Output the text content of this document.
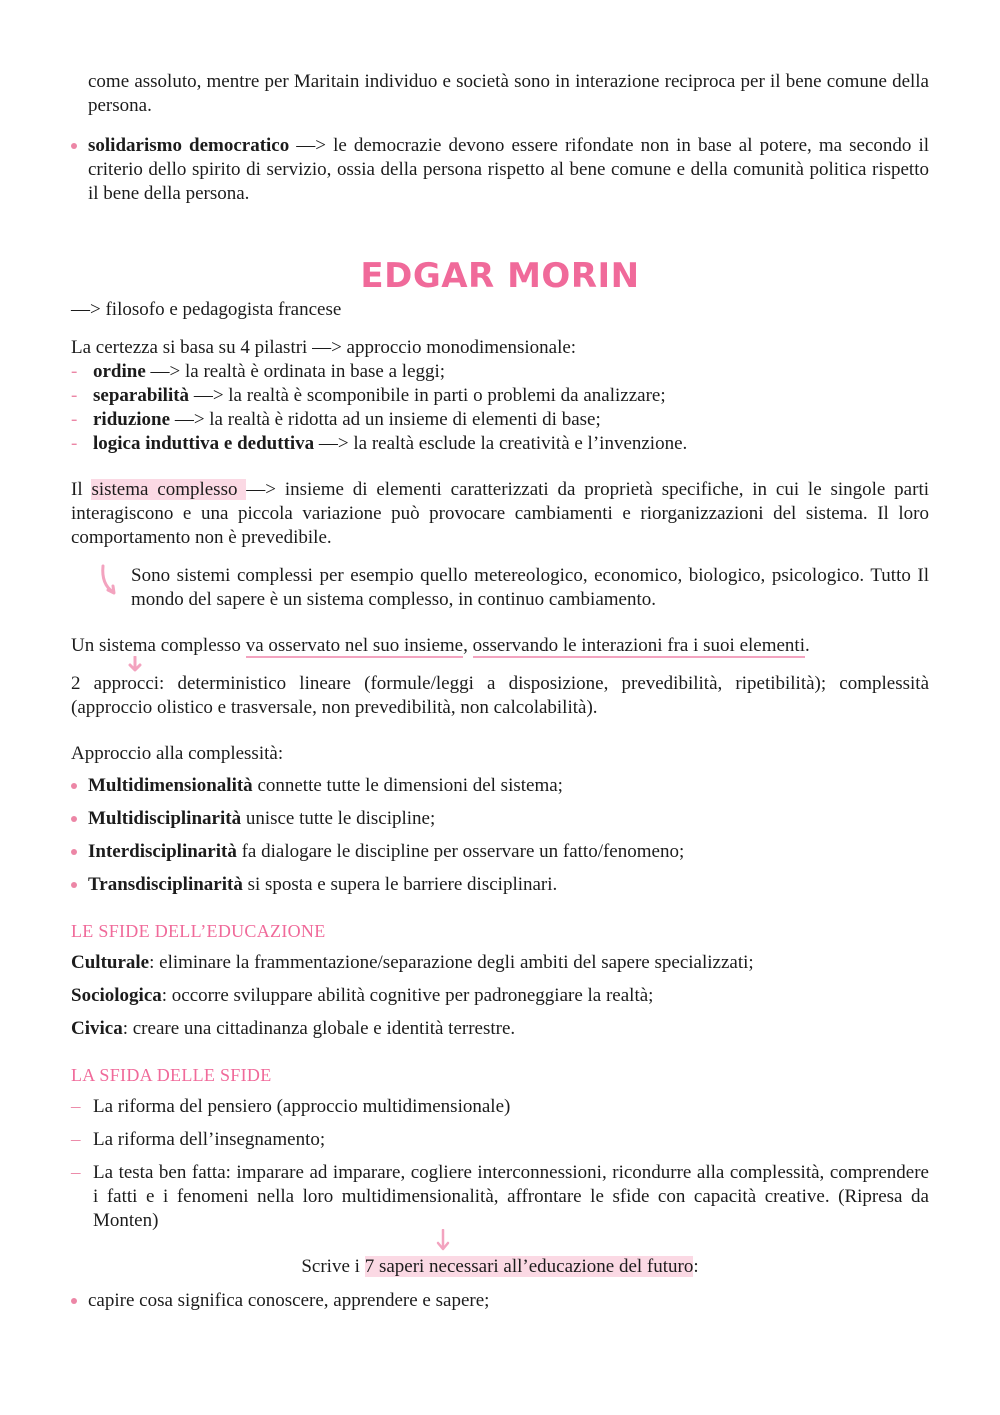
come assoluto, mentre per Maritain individuo e società sono in interazione reciproca per il bene comune della persona.

solidarismo democratico —> le democrazie devono essere rifondate non in base al potere, ma secondo il criterio dello spirito di servizio, ossia della persona rispetto al bene comune e della comunità politica rispetto il bene della persona.
EDGAR MORIN

—> filosofo e pedagogista francese

La certezza si basa su 4 pilastri —> approccio monodimensionale:

- ordine —> la realtà è ordinata in base a leggi;
- separabilità —> la realtà è scomponibile in parti o problemi da analizzare;
- riduzione —> la realtà è ridotta ad un insieme di elementi di base;
- logica induttiva e deduttiva —> la realtà esclude la creatività e l’invenzione.

Il sistema complesso —> insieme di elementi caratterizzati da proprietà specifiche, in cui le singole parti interagiscono e una piccola variazione può provocare cambiamenti e riorganizzazioni del sistema. Il loro comportamento non è prevedibile.

Sono sistemi complessi per esempio quello metereologico, economico, biologico, psicologico. Tutto Il mondo del sapere è un sistema complesso, in continuo cambiamento.

Un sistema complesso va osservato nel suo insieme, osservando le interazioni fra i suoi elementi.

2 approcci: deterministico lineare (formule/leggi a disposizione, prevedibilità, ripetibilità); complessità (approccio olistico e trasversale, non prevedibilità, non calcolabilità).

Approccio alla complessità:

Multidimensionalità connette tutte le dimensioni del sistema;
Multidisciplinarità unisce tutte le discipline;
Interdisciplinarità fa dialogare le discipline per osservare un fatto/fenomeno;
Transdisciplinarità si sposta e supera le barriere disciplinari.

LE SFIDE DELL’EDUCAZIONE

Culturale: eliminare la frammentazione/separazione degli ambiti del sapere specializzati;

Sociologica: occorre sviluppare abilità cognitive per padroneggiare la realtà;

Civica: creare una cittadinanza globale e identità terrestre.

LA SFIDA DELLE SFIDE

– La riforma del pensiero (approccio multidimensionale)
– La riforma dell’insegnamento;
– La testa ben fatta: imparare ad imparare, cogliere interconnessioni, ricondurre alla complessità, comprendere i fatti e i fenomeni nella loro multidimensionalità, affrontare le sfide con capacità creative. (Ripresa da Monten)

Scrive i 7 saperi necessari all’educazione del futuro:

capire cosa significa conoscere, apprendere e sapere;
